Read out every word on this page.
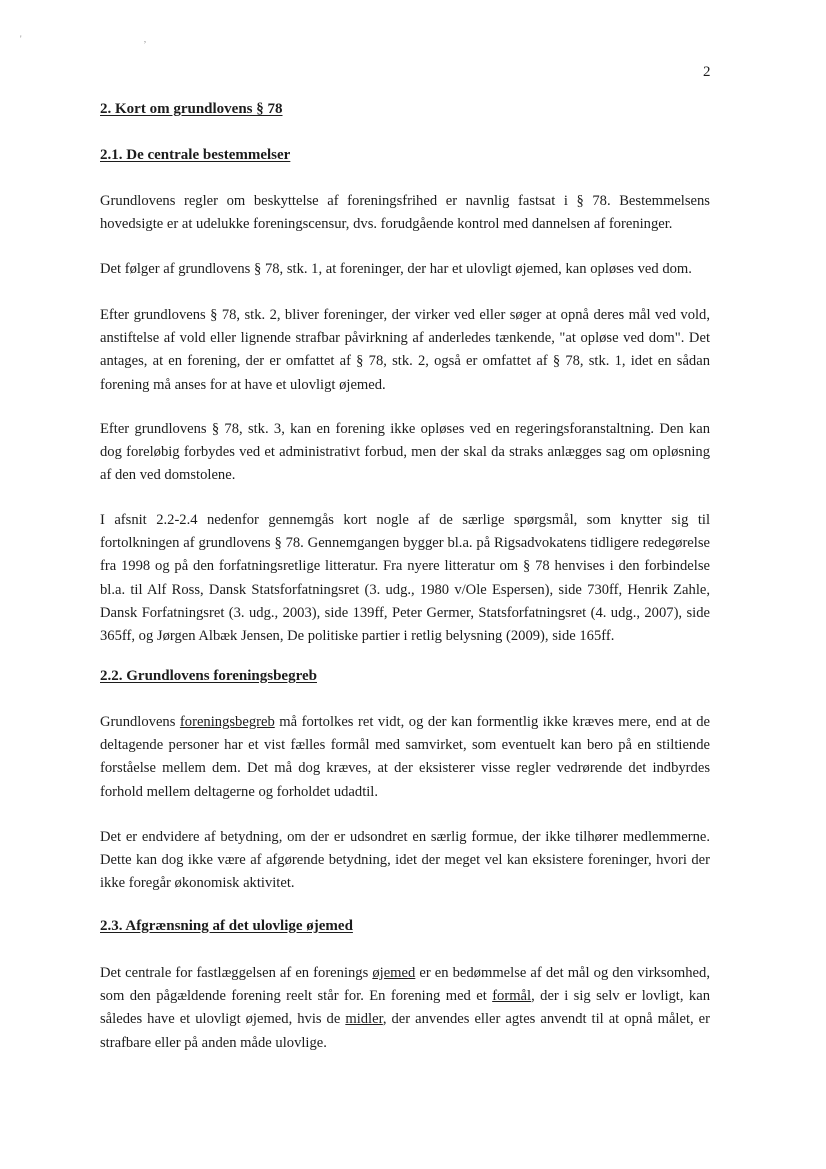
' ,
2
2. Kort om grundlovens § 78
2.1. De centrale bestemmelser
Grundlovens regler om beskyttelse af foreningsfrihed er navnlig fastsat i § 78. Bestemmelsens hovedsigte er at udelukke foreningscensur, dvs. forudgående kontrol med dannelsen af foreninger.
Det følger af grundlovens § 78, stk. 1, at foreninger, der har et ulovligt øjemed, kan opløses ved dom.
Efter grundlovens § 78, stk. 2, bliver foreninger, der virker ved eller søger at opnå deres mål ved vold, anstiftelse af vold eller lignende strafbar påvirkning af anderledes tænkende, "at opløse ved dom". Det antages, at en forening, der er omfattet af § 78, stk. 2, også er omfattet af § 78, stk. 1, idet en sådan forening må anses for at have et ulovligt øjemed.
Efter grundlovens § 78, stk. 3, kan en forening ikke opløses ved en regeringsforanstaltning. Den kan dog foreløbig forbydes ved et administrativt forbud, men der skal da straks anlægges sag om opløsning af den ved domstolene.
I afsnit 2.2-2.4 nedenfor gennemgås kort nogle af de særlige spørgsmål, som knytter sig til fortolkningen af grundlovens § 78. Gennemgangen bygger bl.a. på Rigsadvokatens tidligere redegørelse fra 1998 og på den forfatningsretlige litteratur. Fra nyere litteratur om § 78 henvises i den forbindelse bl.a. til Alf Ross, Dansk Statsforfatningsret (3. udg., 1980 v/Ole Espersen), side 730ff, Henrik Zahle, Dansk Forfatningsret (3. udg., 2003), side 139ff, Peter Germer, Statsforfatningsret (4. udg., 2007), side 365ff, og Jørgen Albæk Jensen, De politiske partier i retlig belysning (2009), side 165ff.
2.2. Grundlovens foreningsbegreb
Grundlovens foreningsbegreb må fortolkes ret vidt, og der kan formentlig ikke kræves mere, end at de deltagende personer har et vist fælles formål med samvirket, som eventuelt kan bero på en stiltiende forståelse mellem dem. Det må dog kræves, at der eksisterer visse regler vedrørende det indbyrdes forhold mellem deltagerne og forholdet udadtil.
Det er endvidere af betydning, om der er udsondret en særlig formue, der ikke tilhører medlemmerne. Dette kan dog ikke være af afgørende betydning, idet der meget vel kan eksistere foreninger, hvori der ikke foregår økonomisk aktivitet.
2.3. Afgrænsning af det ulovlige øjemed
Det centrale for fastlæggelsen af en forenings øjemed er en bedømmelse af det mål og den virksomhed, som den pågældende forening reelt står for. En forening med et formål, der i sig selv er lovligt, kan således have et ulovligt øjemed, hvis de midler, der anvendes eller agtes anvendt til at opnå målet, er strafbare eller på anden måde ulovlige.
